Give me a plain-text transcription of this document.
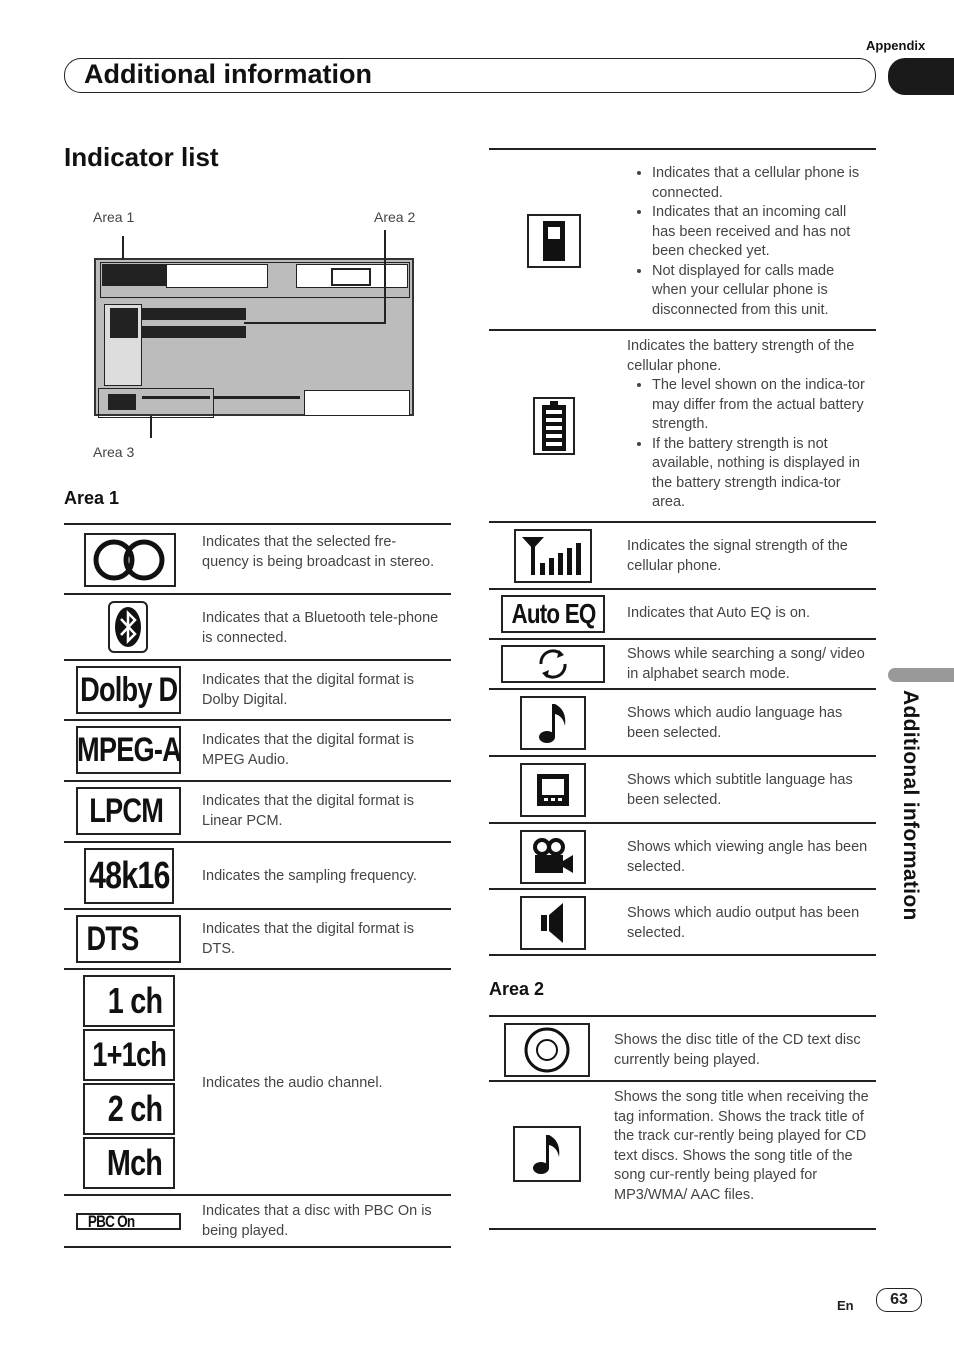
Appendix
Additional information
Additional information
Indicator list
Area 1	Area 2
Area 3
Area 1
Indicates that the selected fre-quency is being broadcast in stereo.
Indicates that a Bluetooth tele-phone is connected.
Dolby D Indicates that the digital format is Dolby Digital.
MPEG-A Indicates that the digital format is MPEG Audio.
LPCM	Indicates that the digital format is Linear PCM.
48k16 Indicates the sampling frequency.
DTS	Indicates that the digital format is DTS.
1 ch
1+1ch
2 ch
Mch
Indicates the audio channel.
PBC On
Indicates that a disc with PBC On is being played.
• Indicates that a cellular phone is connected.
• Indicates that an incoming call has been received and has not been checked yet.
• Not displayed for calls made when your cellular phone is disconnected from this unit.
Indicates the battery strength of the cellular phone.
• The level shown on the indica-tor may differ from the actual battery strength.
• If the battery strength is not available, nothing is displayed in the battery strength indica-tor area.
Indicates the signal strength of the cellular phone.
Auto EQ Indicates that Auto EQ is on.
Shows while searching a song/ video in alphabet search mode.
Shows which audio language has been selected.
Shows which subtitle language has been selected.
Shows which viewing angle has been selected.
Shows which audio output has been selected.
Area 2
Shows the disc title of the CD text disc currently being played.
Shows the song title when receiving the tag information. Shows the track title of the track cur-rently being played for CD text discs. Shows the song title of the song cur-rently being played for MP3/WMA/ AAC files.
En	63
